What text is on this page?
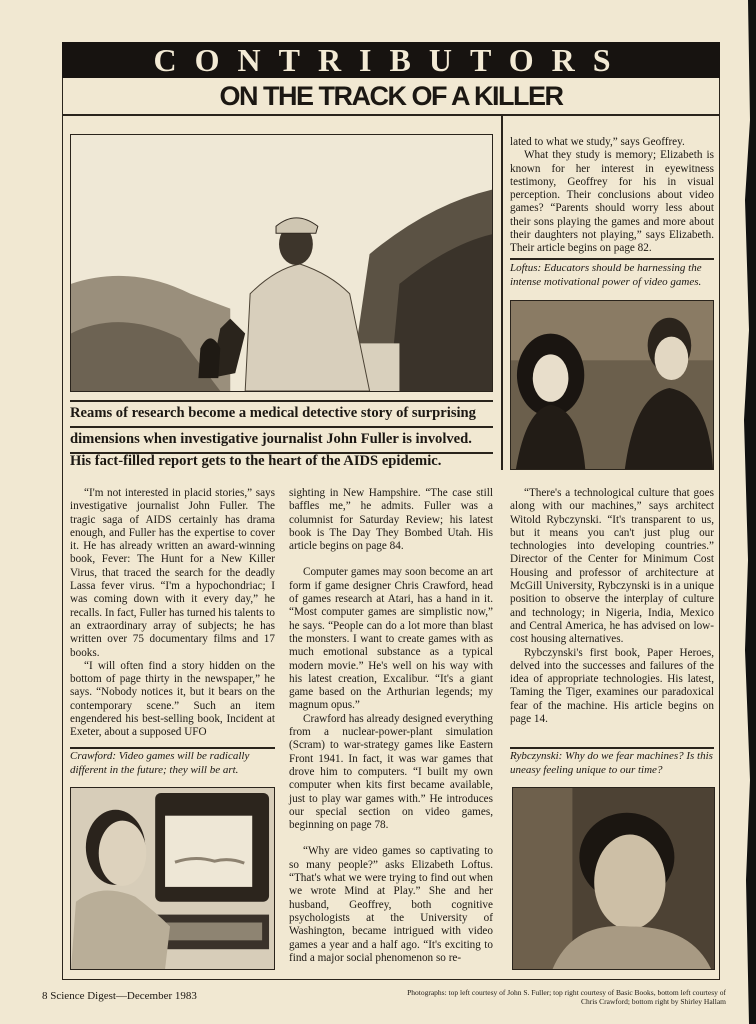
CONTRIBUTORS
ON THE TRACK OF A KILLER
Reams of research become a medical detective story of surprising
dimensions when investigative journalist John Fuller is involved.
His fact-filled report gets to the heart of the AIDS epidemic.

lated to what we study,” says Geoffrey.

What they study is memory; Elizabeth is known for her interest in eyewitness testimony, Geoffrey for his in visual perception. Their conclusions about video games? “Parents should worry less about their sons playing the games and more about their daughters not playing,” says Elizabeth. Their article begins on page 82.

Loftus: Educators should be harnessing the intense motivational power of video games.

“I'm not interested in placid stories,” says investigative journalist John Fuller. The tragic saga of AIDS certainly has drama enough, and Fuller has the expertise to cover it. He has already written an award-winning book, Fever: The Hunt for a New Killer Virus, that traced the search for the deadly Lassa fever virus. “I'm a hypochondriac; I was coming down with it every day,” he recalls. In fact, Fuller has turned his talents to an extraordinary array of subjects; he has written over 75 documentary films and 17 books.

“I will often find a story hidden on the bottom of page thirty in the newspaper,” he says. “Nobody notices it, but it bears on the contemporary scene.” Such an item engendered his best-selling book, Incident at Exeter, about a supposed UFO

Crawford: Video games will be radically different in the future; they will be art.

sighting in New Hampshire. “The case still baffles me,” he admits. Fuller was a columnist for Saturday Review; his latest book is The Day They Bombed Utah. His article begins on page 84.

Computer games may soon become an art form if game designer Chris Crawford, head of games research at Atari, has a hand in it. “Most computer games are simplistic now,” he says. “People can do a lot more than blast the monsters. I want to create games with as much emotional substance as a typical modern movie.” He's well on his way with his latest creation, Excalibur. “It's a giant game based on the Arthurian legends; my magnum opus.”

Crawford has already designed everything from a nuclear-power-plant simulation (Scram) to war-strategy games like Eastern Front 1941. In fact, it was war games that drove him to computers. “I built my own computer when kits first became available, just to play war games with.” He introduces our special section on video games, beginning on page 78.

“Why are video games so captivating to so many people?” asks Elizabeth Loftus. “That's what we were trying to find out when we wrote Mind at Play.” She and her husband, Geoffrey, both cognitive psychologists at the University of Washington, became intrigued with video games a year and a half ago. “It's exciting to find a major social phenomenon so re-

“There's a technological culture that goes along with our machines,” says architect Witold Rybczynski. “It's transparent to us, but it means you can't just plug our technologies into developing countries.” Director of the Center for Minimum Cost Housing and professor of architecture at McGill University, Rybczynski is in a unique position to observe the interplay of culture and technology; in Nigeria, India, Mexico and Central America, he has advised on low-cost housing alternatives.

Rybczynski's first book, Paper Heroes, delved into the successes and failures of the idea of appropriate technologies. His latest, Taming the Tiger, examines our paradoxical fear of the machine. His article begins on page 14.

Rybczynski: Why do we fear machines? Is this uneasy feeling unique to our time?
8 Science Digest—December 1983	Photographs: top left courtesy of John S. Fuller; top right courtesy of Basic Books, bottom left courtesy of Chris Crawford; bottom right by Shirley Hallam
